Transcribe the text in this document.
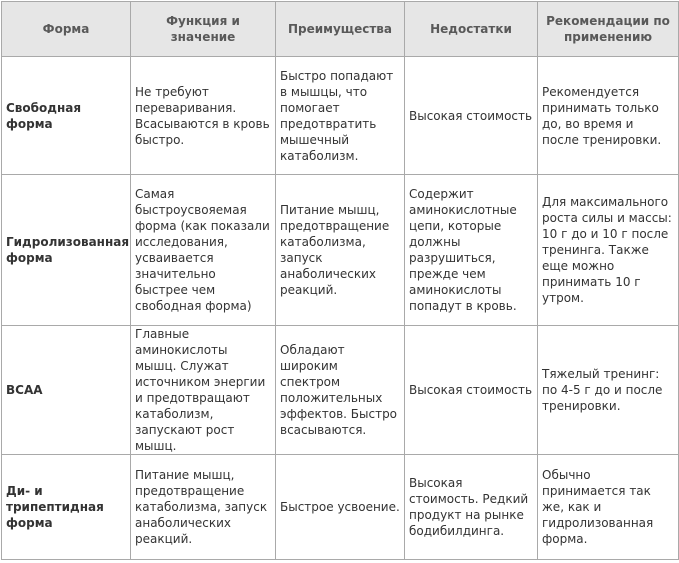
Форма	Функция и значение	Преимущества	Недостатки	Рекомендации по применению
Свободная форма	Не требуют переваривания. Всасываются в кровь быстро.	Быстро попадают в мышцы, что помогает предотвратить мышечный катаболизм.	Высокая стоимость	Рекомендуется принимать только до, во время и после тренировки.
Гидролизованная форма	Самая быстроусвояемая форма (как показали исследования, усваивается значительно быстрее чем свободная форма)	Питание мышц, предотвращение катаболизма, запуск анаболических реакций.	Содержит аминокислотные цепи, которые должны разрушиться, прежде чем аминокислоты попадут в кровь.	Для максимального роста силы и массы: 10 г до и 10 г после тренинга. Также еще можно принимать 10 г утром.
BCAA	Главные аминокислоты мышц. Служат источником энергии и предотвращают катаболизм, запускают рост мышц.	Обладают широким спектром положительных эффектов. Быстро всасываются.	Высокая стоимость	Тяжелый тренинг: по 4-5 г до и после тренировки.
Ди- и трипептидная форма	Питание мышц, предотвращение катаболизма, запуск анаболических реакций.	Быстрое усвоение.	Высокая стоимость. Редкий продукт на рынке бодибилдинга.	Обычно принимается так же, как и гидролизованная форма.
